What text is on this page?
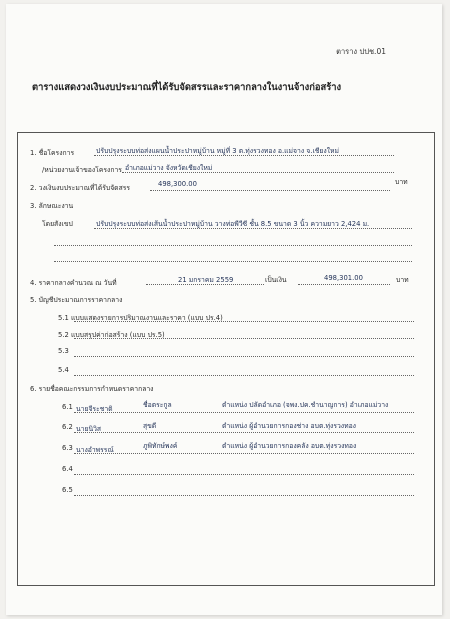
ตาราง ปปช.01
ตารางแสดงวงเงินงบประมาณที่ได้รับจัดสรรและราคากลางในงานจ้างก่อสร้าง
1. ชื่อโครงการ	ปรับปรุงระบบท่อส่งแผนน้ำประปาหมู่บ้าน หมู่ที่ 3 ต.ทุ่งรวงทอง อ.แม่จาง จ.เชียงใหม่
/หน่วยงานเจ้าของโครงการ อำเภอแม่วาง จังหวัดเชียงใหม่
2. วงเงินงบประมาณที่ได้รับจัดสรร	498,300.00	บาท
3. ลักษณะงาน
โดยสังเขป	ปรับปรุงระบบท่อส่งเส้นน้ำประปาหมู่บ้าน วางท่อพีวีซี ชั้น 8.5 ขนาด 3 นิ้ว ความยาว 2,424 ม.
4. ราคากลางคำนวณ ณ วันที่	21 มกราคม 2559	เป็นเงิน	498,301.00	บาท
5. บัญชีประมาณการราคากลาง
5.1 แบบแสดงรายการปริมาณงานและราคา (แบบ ปร.4)
5.2 แบบสรุปค่าก่อสร้าง (แบบ ปร.5)
5.3
5.4
6. รายชื่อคณะกรรมการกำหนดราคากลาง
6.1 นายจีระชาติ	ชื่อตระกูล	ตำแหน่ง ปลัดอำเภอ (จพง.ปค.ชำนาญการ) อำเภอแม่วาง
6.2 นายนิวิส	สุขดี	ตำแหน่ง ผู้อำนวยการกองช่าง อบต.ทุ่งรวงทอง
6.3 นางอำพรรณ์	ภูพิทักษ์พงค์	ตำแหน่ง ผู้อำนวยการกองคลัง อบต.ทุ่งรวงทอง
6.4
6.5
